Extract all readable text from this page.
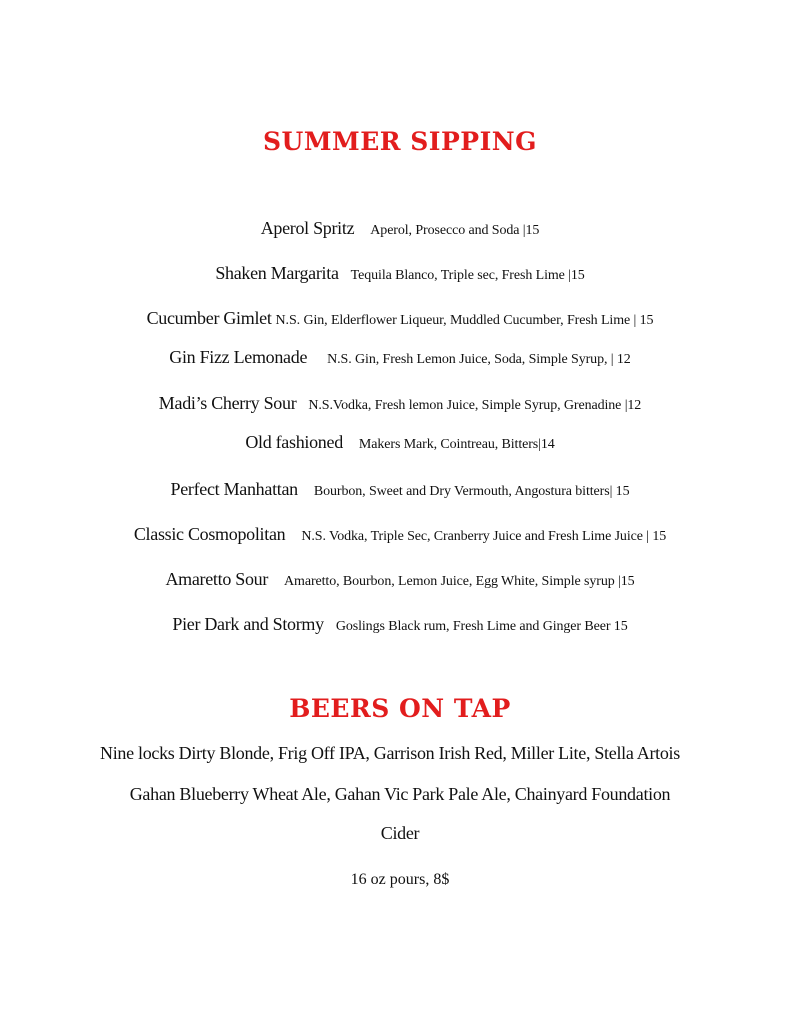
SUMMER SIPPING
Aperol Spritz Aperol, Prosecco and Soda |15
Shaken Margarita Tequila Blanco, Triple sec, Fresh Lime |15
Cucumber Gimlet N.S. Gin, Elderflower Liqueur, Muddled Cucumber, Fresh Lime | 15
Gin Fizz Lemonade N.S. Gin, Fresh Lemon Juice, Soda, Simple Syrup, | 12
Madi’s Cherry Sour N.S.Vodka, Fresh lemon Juice, Simple Syrup, Grenadine |12
Old fashioned Makers Mark, Cointreau, Bitters|14
Perfect Manhattan Bourbon, Sweet and Dry Vermouth, Angostura bitters| 15
Classic Cosmopolitan N.S. Vodka, Triple Sec, Cranberry Juice and Fresh Lime Juice | 15
Amaretto Sour Amaretto, Bourbon, Lemon Juice, Egg White, Simple syrup |15
Pier Dark and Stormy Goslings Black rum, Fresh Lime and Ginger Beer 15
BEERS ON TAP
Nine locks Dirty Blonde, Frig Off IPA, Garrison Irish Red, Miller Lite, Stella Artois
Gahan Blueberry Wheat Ale, Gahan Vic Park Pale Ale, Chainyard Foundation
Cider
16 oz pours, 8$
